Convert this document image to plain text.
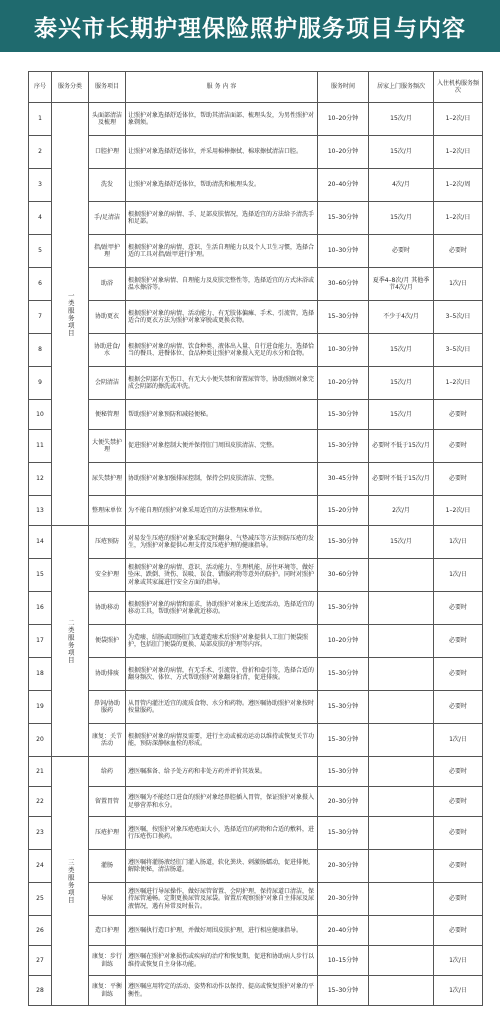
泰兴市长期护理保险照护服务项目与内容
序号	服务分类	服务项目	服 务 内 容	服务时间	居家上门服务频次	入住机构服务频次
1	一类服务项目	头面部清洁及梳理	让照护对象选择舒适体位，帮助其清洁面部、梳理头发，为男性照护对象剃须。	10–20分钟	15次/月	1–2次/日
2		口腔护理	让照护对象选择舒适体位，并采用棉棒擦拭、棉球擦拭清洁口腔。	10–20分钟	15次/月	1–2次/日
3		洗发	让照护对象选择舒适体位，帮助清洗和梳理头发。	20–40分钟	4次/月	1–2次/周
4		手/足清洁	根据照护对象的病情、手、足部皮肤情况，选择适宜的方法给予清洗手和足部。	15–30分钟	15次/月	1–2次/日
5		指/趾甲护理	根据照护对象的病情、意识、生活自理能力以及个人卫生习惯，选择合适的工具对指/趾甲进行护理。	10–30分钟	必要时	必要时
6		助浴	根据照护对象病情、自理能力及皮肤完整性等，选择适宜的方式沐浴或温水擦浴等。	30–60分钟	夏季4–8次/月 其他季节4次/月	1次/日
7		协助更衣	根据照护对象的病情、活动能力、有无肢体偏瘫、手术、引流管，选择适合的更衣方法为照护对象穿脱或更换衣物。	15–30分钟	不少于4次/月	3–5次/日
8		协助进食/水	根据照护对象的病情、饮食种类、液体出入量、自行进食能力，选择恰当的餐具、进餐体位、食品种类让照护对象摄入充足的水分和食物。	10–30分钟	15次/月	3–5次/日
9		会阴清洁	根据会阴部有无伤口、有无大小便失禁和留置尿管等，协助照顾对象完成会阴部的擦洗或冲洗。	10–20分钟	15次/月	1–2次/日
10		便秘管理	帮助照护对象预防和减轻便秘。	15–30分钟	15次/月	必要时
11		大便失禁护理	促进照护对象控制大便并保持肛门周围皮肤清洁、完整。	15–30分钟	必要时不低于15次/月	必要时
12		尿失禁护理	协助照护对象加强排尿控制，保持会阴皮肤清洁、完整。	30–45分钟	必要时不低于15次/月	必要时
13		整理床单位	为不能自理的照护对象采用适宜的方法整理床单位。	15–20分钟	2次/月	1–2次/日
14	二类服务项目	压疮预防	对易发生压疮的照护对象采取定时翻身、气垫减压等方法预防压疮的发生，为照护对象提供心理支持及压疮护理的健康指导。	15–30分钟	15次/月	1次/日
15		安全护理	根据照护对象的病情、意识、活动能力、生理机能、居住环境等，做好坠床、跌倒、烫伤、误吸、误食、错服药物等意外的防护。同时对照护对象或其家属进行安全方面的指导。	30–60分钟		1次/日
16		协助移动	根据照护对象的病情和需求，协助照护对象床上适度活动，选择适宜的移动工具，帮助照护对象就近移动。	15–30分钟		必要时
17		便袋照护	为造瘘、结肠或回肠肛门改道造瘘术后照护对象提供人工肛门便袋照护，包括肛门便袋的更换、局部皮肤的护理等内容。	10–20分钟		必要时
18		协助排痰	根据照护对象的病情，有无手术、引流管、骨折和牵引等，选择合适的翻身频次、体位、方式帮助照护对象翻身拍背，促进排痰。	15–30分钟		必要时
19		鼻饲/协助服药	从胃管内灌注适宜的流质食物、水分和药物。遵医嘱协助照护对象按时按量服药。	15–30分钟		必要时
20		康复：关节活动	根据照护对象的病情及需要，进行主动或被动运动以维持或恢复关节功能，预防深静脉血栓的形成。	15–30分钟		1次/日
21	三类服务项目	给药	遵医嘱准备、给予处方药和非处方药并评价其效果。	15–30分钟		必要时
22		留置胃管	遵医嘱为不能经口进食的照护对象经鼻腔插入胃管，保证照护对象摄入足够营养和水分。	20–30分钟		必要时
23		压疮护理	遵医嘱，按照护对象压疮疮面大小，选择适宜的药物和合适的敷料，进行压疮伤口换药。	15–30分钟		必要时
24		灌肠	遵医嘱将灌肠液经肛门灌入肠道，软化粪块、刺激肠蠕动，促进排便，解除便秘，清洁肠道。	20–30分钟		必要时
25		导尿	遵医嘱进行导尿操作，做好尿管留置、会阴护理，保持尿道口清洁，保持尿管通畅。定期更换尿管及尿袋。留置后观察照护对象自主排尿及尿液情况，遇有异常及时报告。	20–30分钟		必要时
26		造口护理	遵医嘱执行造口护理，并做好周围皮肤护理，进行相应健康指导。	20–40分钟		必要时
27		康复：步行训练	遵医嘱在照护对象损伤或疾病的治疗和恢复期，促进和协助病人步行以维持或恢复自主身体功能。	10–15分钟		1次/日
28		康复：平衡训练	遵医嘱应用特定的活动、姿势和动作以保持、提高或恢复照护对象的平衡性。	15–30分钟		1次/日
